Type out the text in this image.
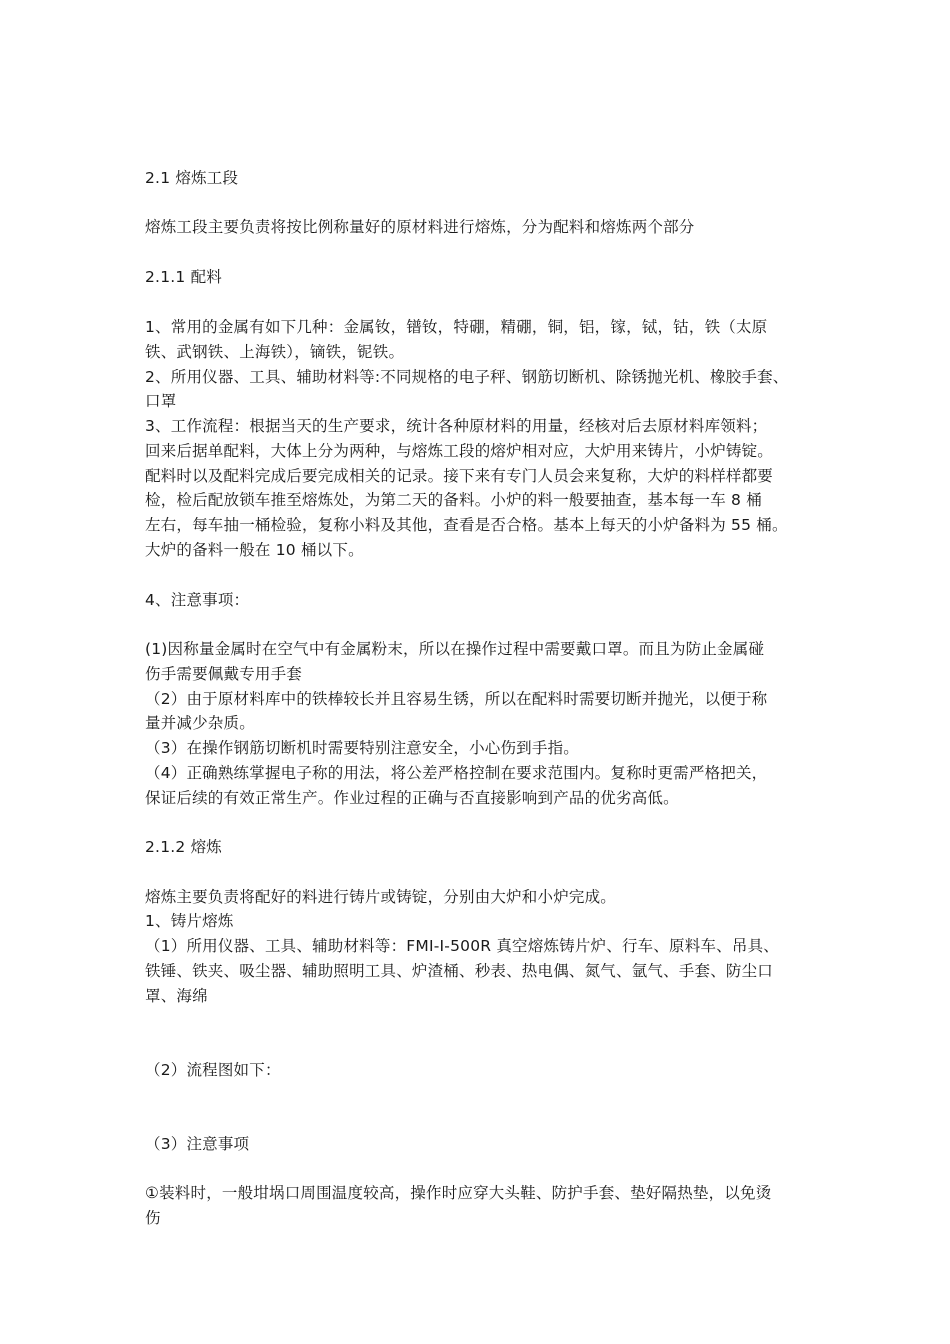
2.1 熔炼工段
熔炼工段主要负责将按比例称量好的原材料进行熔炼，分为配料和熔炼两个部分
2.1.1 配料
1、常用的金属有如下几种：金属钕，镨钕，特硼，精硼，铜，铝，镓，铽，钴，铁（太原
铁、武钢铁、上海铁），镝铁，铌铁。
2、所用仪器、工具、辅助材料等:不同规格的电子秤、钢筋切断机、除锈抛光机、橡胶手套、
口罩
3、工作流程：根据当天的生产要求，统计各种原材料的用量，经核对后去原材料库领料；
回来后据单配料，大体上分为两种，与熔炼工段的熔炉相对应，大炉用来铸片，小炉铸锭。
配料时以及配料完成后要完成相关的记录。接下来有专门人员会来复称，大炉的料样样都要
检，检后配放锁车推至熔炼处，为第二天的备料。小炉的料一般要抽查，基本每一车 8 桶
左右，每车抽一桶检验，复称小料及其他，查看是否合格。基本上每天的小炉备料为 55 桶。
大炉的备料一般在 10 桶以下。
4、注意事项：
(1)因称量金属时在空气中有金属粉末，所以在操作过程中需要戴口罩。而且为防止金属碰
伤手需要佩戴专用手套
（2）由于原材料库中的铁棒较长并且容易生锈，所以在配料时需要切断并抛光，以便于称
量并减少杂质。
（3）在操作钢筋切断机时需要特别注意安全，小心伤到手指。
（4）正确熟练掌握电子称的用法，将公差严格控制在要求范围内。复称时更需严格把关，
保证后续的有效正常生产。作业过程的正确与否直接影响到产品的优劣高低。
2.1.2 熔炼
熔炼主要负责将配好的料进行铸片或铸锭，分别由大炉和小炉完成。
1、铸片熔炼
（1）所用仪器、工具、辅助材料等：FMI-I-500R 真空熔炼铸片炉、行车、原料车、吊具、
铁锤、铁夹、吸尘器、辅助照明工具、炉渣桶、秒表、热电偶、氮气、氩气、手套、防尘口
罩、海绵
（2）流程图如下：
（3）注意事项
①装料时，一般坩埚口周围温度较高，操作时应穿大头鞋、防护手套、垫好隔热垫，以免烫
伤
